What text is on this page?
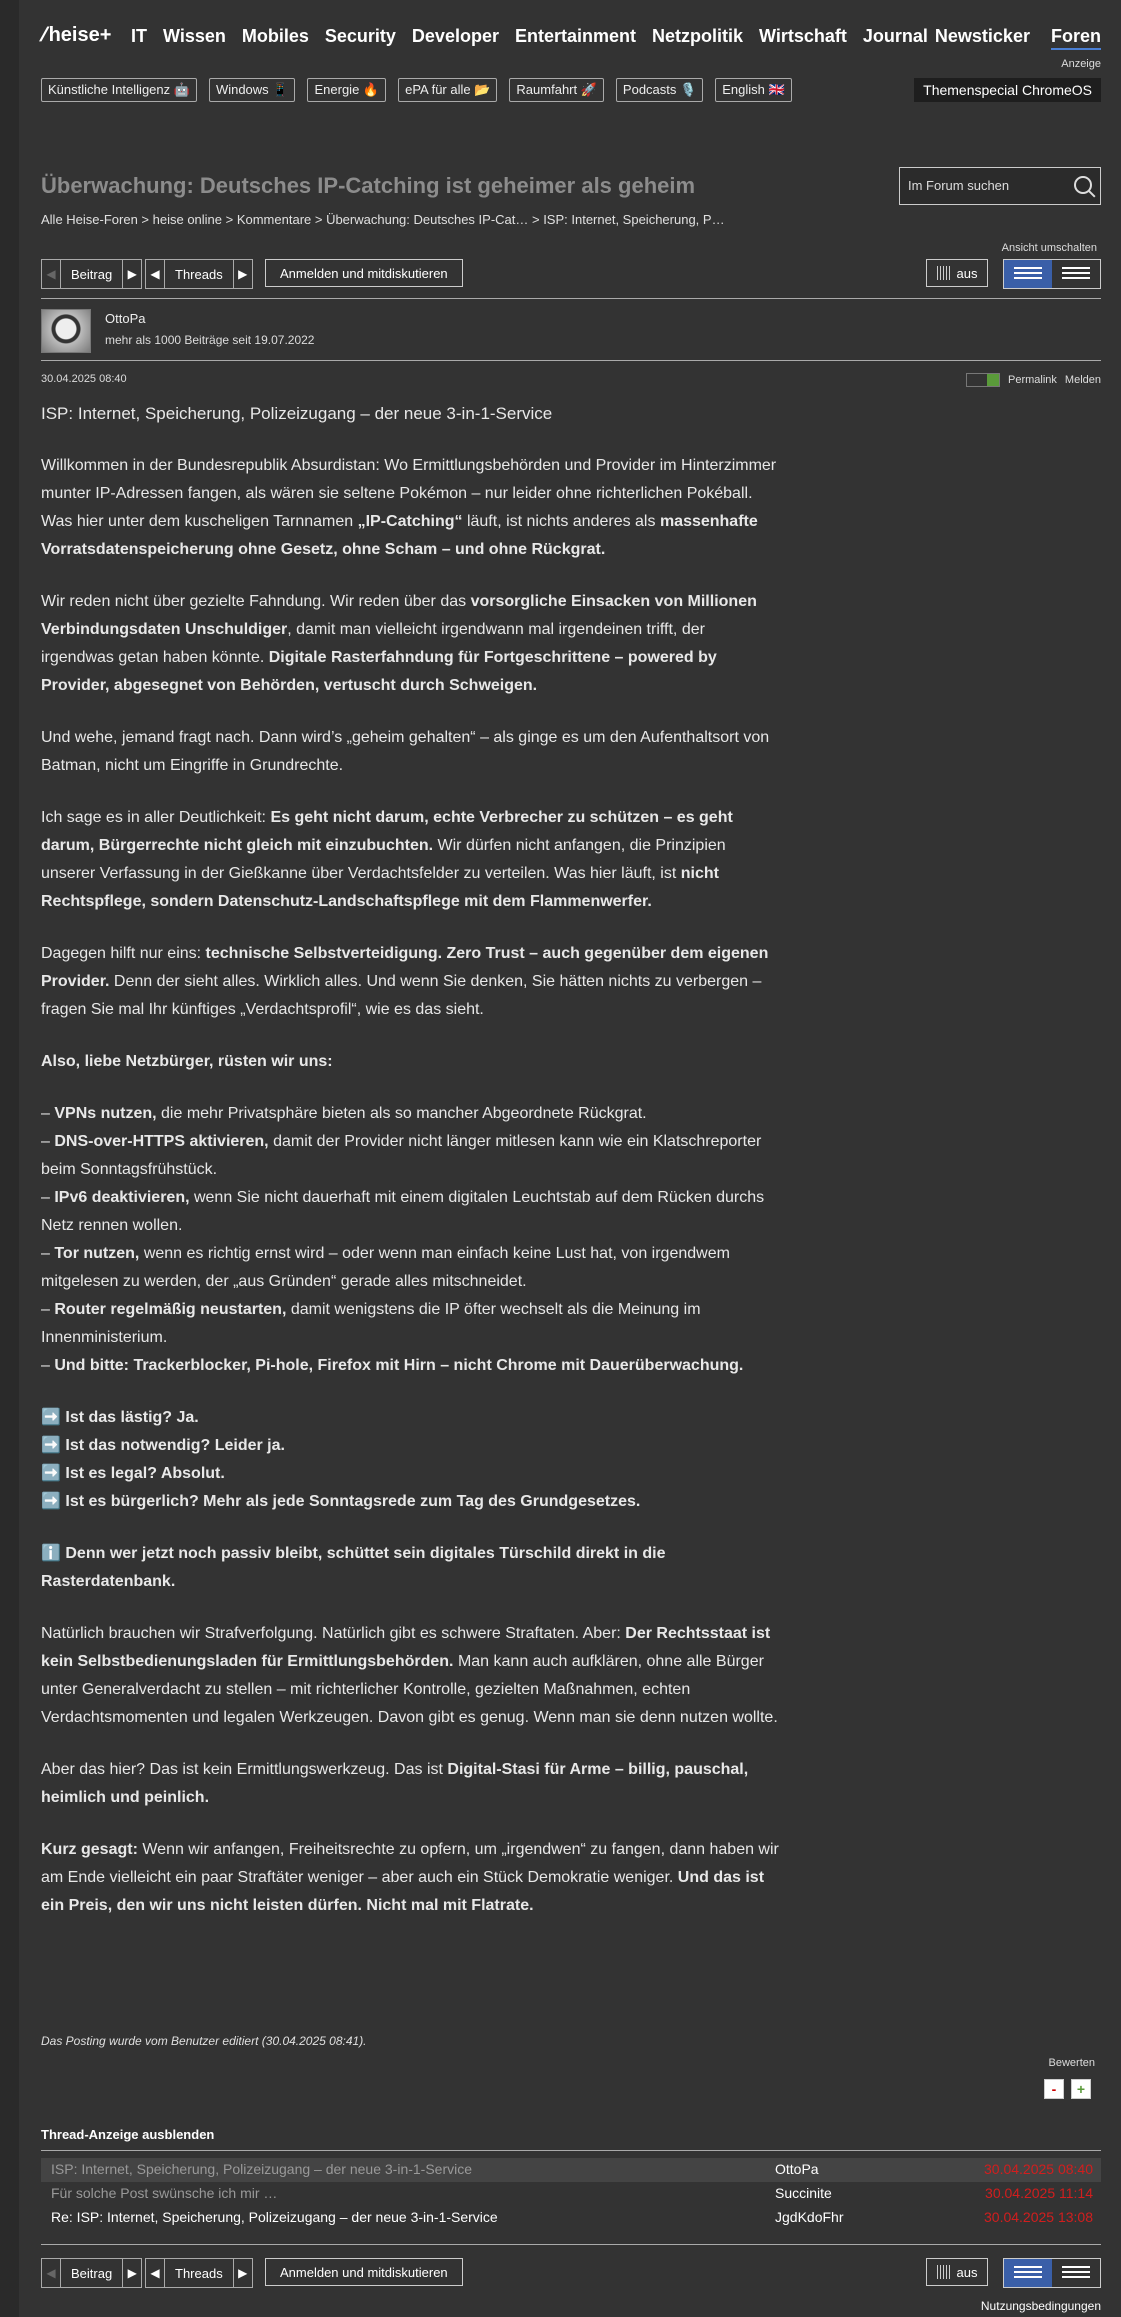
/heise+ IT Wissen Mobiles Security Developer Entertainment Netzpolitik Wirtschaft Journal Newsticker Foren
Anzeige
Künstliche Intelligenz 🤖	Windows 📱	Energie 🔥	ePA für alle 📂	Raumfahrt 🚀	Podcasts 🎙️	English 🇬🇧	Themenspecial ChromeOS
Überwachung: Deutsches IP-Catching ist geheimer als geheim	Im Forum suchen
Alle Heise-Foren > heise online > Kommentare > Überwachung: Deutsches IP-Cat… > ISP: Internet, Speicherung, P…
Ansicht umschalten
◀	Beitrag	▶	◀	Threads	▶	Anmelden und mitdiskutieren	aus
OttoPa
mehr als 1000 Beiträge seit 19.07.2022
30.04.2025 08:40	Permalink Melden
ISP: Internet, Speicherung, Polizeizugang – der neue 3-in-1-Service

Willkommen in der Bundesrepublik Absurdistan: Wo Ermittlungsbehörden und Provider im Hinterzimmer munter IP-Adressen fangen, als wären sie seltene Pokémon – nur leider ohne richterlichen Pokéball. Was hier unter dem kuscheligen Tarnnamen „IP-Catching“ läuft, ist nichts anderes als massenhafte Vorratsdatenspeicherung ohne Gesetz, ohne Scham – und ohne Rückgrat.

Wir reden nicht über gezielte Fahndung. Wir reden über das vorsorgliche Einsacken von Millionen Verbindungsdaten Unschuldiger, damit man vielleicht irgendwann mal irgendeinen trifft, der irgendwas getan haben könnte. Digitale Rasterfahndung für Fortgeschrittene – powered by Provider, abgesegnet von Behörden, vertuscht durch Schweigen.

Und wehe, jemand fragt nach. Dann wird’s „geheim gehalten“ – als ginge es um den Aufenthaltsort von Batman, nicht um Eingriffe in Grundrechte.

Ich sage es in aller Deutlichkeit: Es geht nicht darum, echte Verbrecher zu schützen – es geht darum, Bürgerrechte nicht gleich mit einzubuchten. Wir dürfen nicht anfangen, die Prinzipien unserer Verfassung in der Gießkanne über Verdachtsfelder zu verteilen. Was hier läuft, ist nicht Rechtspflege, sondern Datenschutz-Landschaftspflege mit dem Flammenwerfer.

Dagegen hilft nur eins: technische Selbstverteidigung. Zero Trust – auch gegenüber dem eigenen Provider. Denn der sieht alles. Wirklich alles. Und wenn Sie denken, Sie hätten nichts zu verbergen – fragen Sie mal Ihr künftiges „Verdachtsprofil“, wie es das sieht.

Also, liebe Netzbürger, rüsten wir uns:

– VPNs nutzen, die mehr Privatsphäre bieten als so mancher Abgeordnete Rückgrat.
– DNS-over-HTTPS aktivieren, damit der Provider nicht länger mitlesen kann wie ein Klatschreporter beim Sonntagsfrühstück.
– IPv6 deaktivieren, wenn Sie nicht dauerhaft mit einem digitalen Leuchtstab auf dem Rücken durchs Netz rennen wollen.
– Tor nutzen, wenn es richtig ernst wird – oder wenn man einfach keine Lust hat, von irgendwem mitgelesen zu werden, der „aus Gründen“ gerade alles mitschneidet.
– Router regelmäßig neustarten, damit wenigstens die IP öfter wechselt als die Meinung im Innenministerium.
– Und bitte: Trackerblocker, Pi-hole, Firefox mit Hirn – nicht Chrome mit Dauerüberwachung.

➡️ Ist das lästig? Ja.
➡️ Ist das notwendig? Leider ja.
➡️ Ist es legal? Absolut.
➡️ Ist es bürgerlich? Mehr als jede Sonntagsrede zum Tag des Grundgesetzes.

ℹ️ Denn wer jetzt noch passiv bleibt, schüttet sein digitales Türschild direkt in die Rasterdatenbank.

Natürlich brauchen wir Strafverfolgung. Natürlich gibt es schwere Straftaten. Aber: Der Rechtsstaat ist kein Selbstbedienungsladen für Ermittlungsbehörden. Man kann auch aufklären, ohne alle Bürger unter Generalverdacht zu stellen – mit richterlicher Kontrolle, gezielten Maßnahmen, echten Verdachtsmomenten und legalen Werkzeugen. Davon gibt es genug. Wenn man sie denn nutzen wollte.

Aber das hier? Das ist kein Ermittlungswerkzeug. Das ist Digital-Stasi für Arme – billig, pauschal, heimlich und peinlich.

Kurz gesagt: Wenn wir anfangen, Freiheitsrechte zu opfern, um „irgendwen“ zu fangen, dann haben wir am Ende vielleicht ein paar Straftäter weniger – aber auch ein Stück Demokratie weniger. Und das ist ein Preis, den wir uns nicht leisten dürfen. Nicht mal mit Flatrate.

Das Posting wurde vom Benutzer editiert (30.04.2025 08:41).
Bewerten
-	+
Thread-Anzeige ausblenden
ISP: Internet, Speicherung, Polizeizugang – der neue 3-in-1-Service	OttoPa	30.04.2025 08:40
Für solche Post swünsche ich mir …	Succinite	30.04.2025 11:14
Re: ISP: Internet, Speicherung, Polizeizugang – der neue 3-in-1-Service	JgdKdoFhr	30.04.2025 13:08
◀	Beitrag	▶	◀	Threads	▶	Anmelden und mitdiskutieren	aus
Nutzungsbedingungen
